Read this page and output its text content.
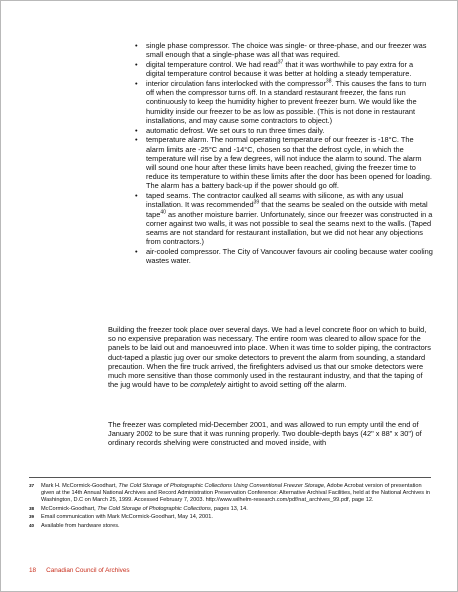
• single phase compressor. The choice was single- or three-phase, and our freezer was small enough that a single-phase was all that was required.
• digital temperature control. We had read$^{37}$ that it was worthwhile to pay extra for a digital temperature control because it was better at holding a steady temperature.
• interior circulation fans interlocked with the compressor$^{38}$. This causes the fans to turn off when the compressor turns off. In a standard restaurant freezer, the fans run continuously to keep the humidity higher to prevent freezer burn. We would like the humidity inside our freezer to be as low as possible. (This is not done in restaurant installations, and may cause some contractors to object.)
• automatic defrost. We set ours to run three times daily.
• temperature alarm. The normal operating temperature of our freezer is -18°C. The alarm limits are -25°C and -14°C, chosen so that the defrost cycle, in which the temperature will rise by a few degrees, will not induce the alarm to sound. The alarm will sound one hour after these limits have been reached, giving the freezer time to reduce its temperature to within these limits after the door has been opened for loading. The alarm has a battery back-up if the power should go off.
• taped seams. The contractor caulked all seams with silicone, as with any usual installation. It was recommended$^{39}$ that the seams be sealed on the outside with metal tape$^{40}$ as another moisture barrier. Unfortunately, since our freezer was constructed in a corner against two walls, it was not possible to seal the seams next to the walls. (Taped seams are not standard for restaurant installation, but we did not hear any objections from contractors.)
• air-cooled compressor. The City of Vancouver favours air cooling because water cooling wastes water.

Building the freezer took place over several days. We had a level concrete floor on which to build, so no expensive preparation was necessary. The entire room was cleared to allow space for the panels to be laid out and manoeuvred into place. When it was time to solder piping, the contractors duct-taped a plastic jug over our smoke detectors to prevent the alarm from sounding, a standard precaution. When the fire truck arrived, the firefighters advised us that our smoke detectors were much more sensitive than those commonly used in the restaurant industry, and that the taping of the jug would have to be completely airtight to avoid setting off the alarm.

The freezer was completed mid-December 2001, and was allowed to run empty until the end of January 2002 to be sure that it was running properly. Two double-depth bays (42" x 88" x 30") of ordinary records shelving were constructed and moved inside, with

37 Mark H. McCormick-Goodhart, The Cold Storage of Photographic Collections Using Conventional Freezer Storage, Adobe Acrobat version of presentation given at the 14th Annual National Archives and Record Administration Preservation Conference: Alternative Archival Facilities, held at the National Archives in Washington, D.C on March 25, 1999. Accessed February 7, 2003. http://www.wilhelm-research.com/pdf/nat_archives_99.pdf, page 12.
38 McCormick-Goodhart, The Cold Storage of Photographic Collections, pages 13, 14.
39 Email communication with Mark McCormick-Goodhart, May 14, 2001.
40 Available from hardware stores.
18 Canadian Council of Archives
